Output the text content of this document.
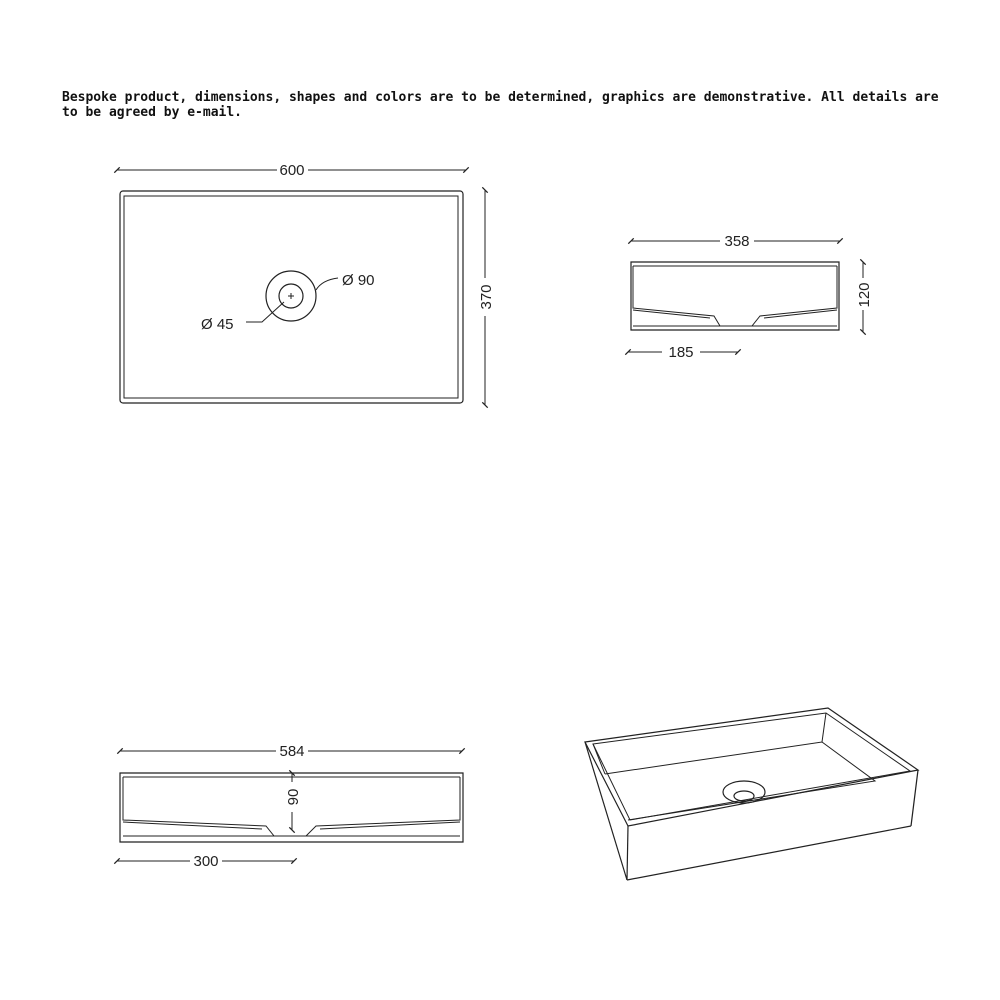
Bespoke product, dimensions, shapes and colors are to be determined, graphics are demonstrative. All details are to be agreed by e-mail.
Ø 90
Ø 45
600
370
358
120
185
584
90
300
